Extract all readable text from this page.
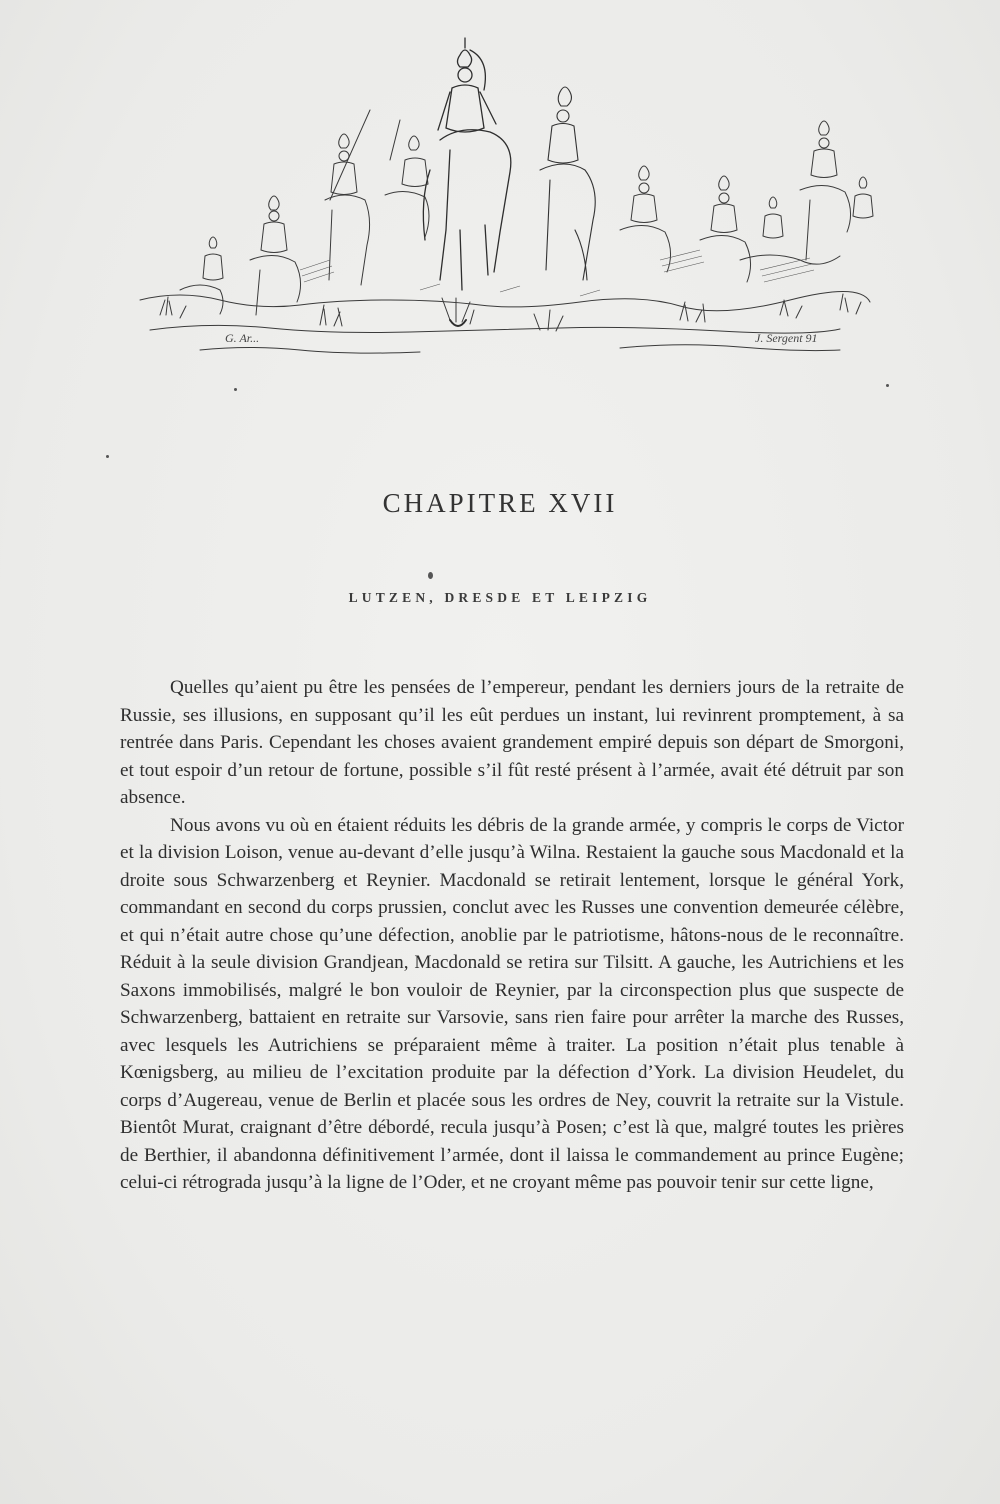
G. Ar...	J. Sergent 91
CHAPITRE XVII
LUTZEN, DRESDE ET LEIPZIG

Quelles qu’aient pu être les pensées de l’empereur, pendant les derniers jours de la retraite de Russie, ses illusions, en supposant qu’il les eût perdues un instant, lui revinrent promptement, à sa rentrée dans Paris. Cependant les choses avaient grandement empiré depuis son départ de Smorgoni, et tout espoir d’un retour de fortune, possible s’il fût resté présent à l’armée, avait été détruit par son absence.

Nous avons vu où en étaient réduits les débris de la grande armée, y compris le corps de Victor et la division Loison, venue au-devant d’elle jusqu’à Wilna. Restaient la gauche sous Macdonald et la droite sous Schwarzenberg et Reynier. Macdonald se retirait lentement, lorsque le général York, commandant en second du corps prussien, conclut avec les Russes une convention demeurée célèbre, et qui n’était autre chose qu’une défection, anoblie par le patriotisme, hâtons-nous de le reconnaître. Réduit à la seule division Grandjean, Macdonald se retira sur Tilsitt. A gauche, les Autrichiens et les Saxons immobilisés, malgré le bon vouloir de Reynier, par la circonspection plus que suspecte de Schwarzenberg, battaient en retraite sur Varsovie, sans rien faire pour arrêter la marche des Russes, avec lesquels les Autrichiens se préparaient même à traiter. La position n’était plus tenable à Kœnigsberg, au milieu de l’excitation produite par la défection d’York. La division Heudelet, du corps d’Augereau, venue de Berlin et placée sous les ordres de Ney, couvrit la retraite sur la Vistule. Bientôt Murat, craignant d’être débordé, recula jusqu’à Posen; c’est là que, malgré toutes les prières de Berthier, il abandonna définitivement l’armée, dont il laissa le commandement au prince Eugène; celui-ci rétrograda jusqu’à la ligne de l’Oder, et ne croyant même pas pouvoir tenir sur cette ligne,
